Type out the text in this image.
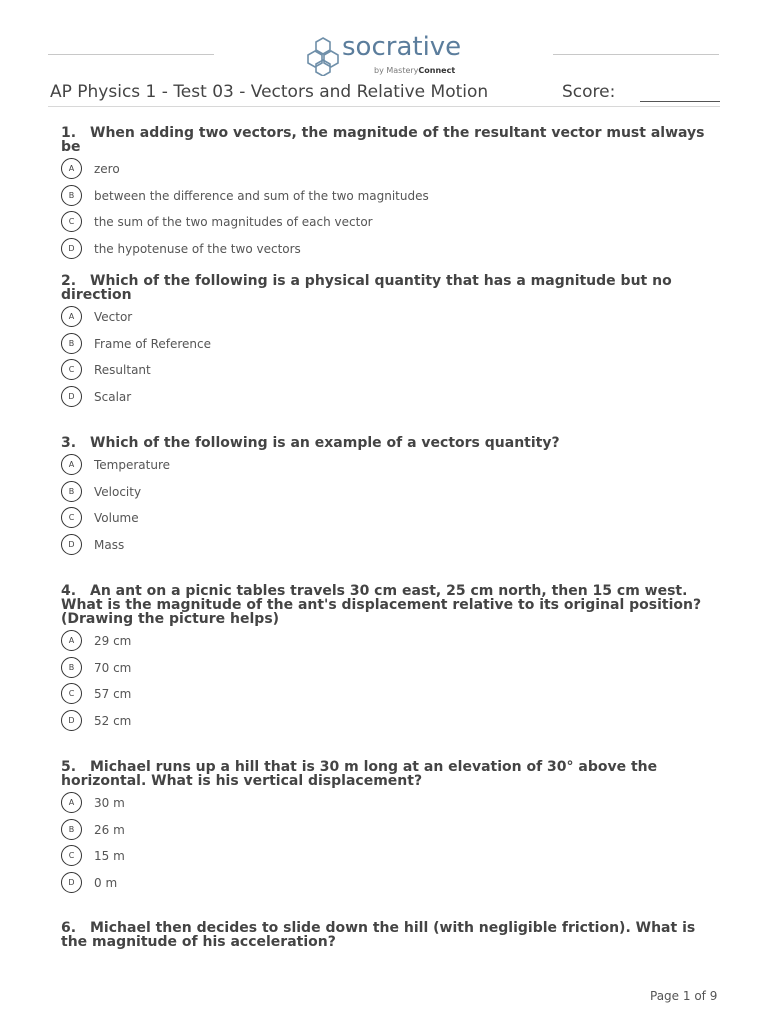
socrative
by MasteryConnect
AP Physics 1 - Test 03 - Vectors and Relative Motion	Score:

1. When adding two vectors, the magnitude of the resultant vector must always be

A	zero
B	between the difference and sum of the two magnitudes
C	the sum of the two magnitudes of each vector
D	the hypotenuse of the two vectors

2. Which of the following is a physical quantity that has a magnitude but no direction

A	Vector
B	Frame of Reference
C	Resultant
D	Scalar

3. Which of the following is an example of a vectors quantity?

A	Temperature
B	Velocity
C	Volume
D	Mass

4. An ant on a picnic tables travels 30 cm east, 25 cm north, then 15 cm west. What is the magnitude of the ant's displacement relative to its original position? (Drawing the picture helps)

A	29 cm
B	70 cm
C	57 cm
D	52 cm

5. Michael runs up a hill that is 30 m long at an elevation of 30° above the horizontal. What is his vertical displacement?

A	30 m
B	26 m
C	15 m
D	0 m

6. Michael then decides to slide down the hill (with negligible friction). What is the magnitude of his acceleration?

Page 1 of 9
